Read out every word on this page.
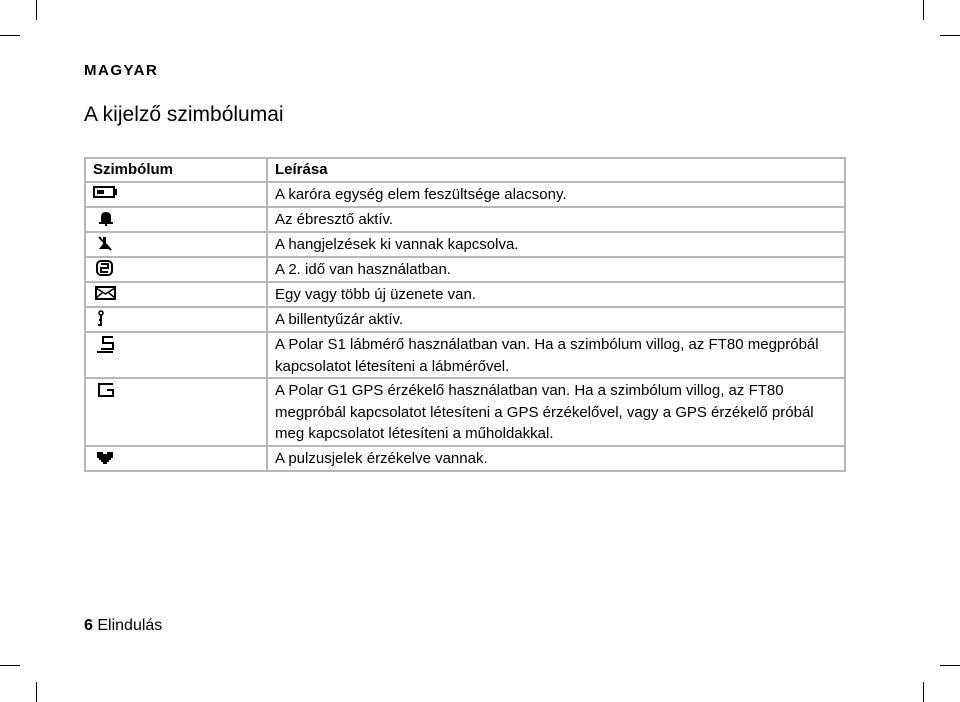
MAGYAR
A kijelző szimbólumai
Szimbólum	Leírása

	A karóra egység elem feszültsége alacsony.

	Az ébresztő aktív.

	A hangjelzések ki vannak kapcsolva.

	A 2. idő van használatban.

	Egy vagy több új üzenete van.

	A billentyűzár aktív.

	A Polar S1 lábmérő használatban van. Ha a szimbólum villog, az FT80 megpróbál kapcsolatot létesíteni a lábmérővel.

	A Polar G1 GPS érzékelő használatban van. Ha a szimbólum villog, az FT80 megpróbál kapcsolatot létesíteni a GPS érzékelővel, vagy a GPS érzékelő próbál meg kapcsolatot létesíteni a műholdakkal.

	A pulzusjelek érzékelve vannak.
6 Elindulás
